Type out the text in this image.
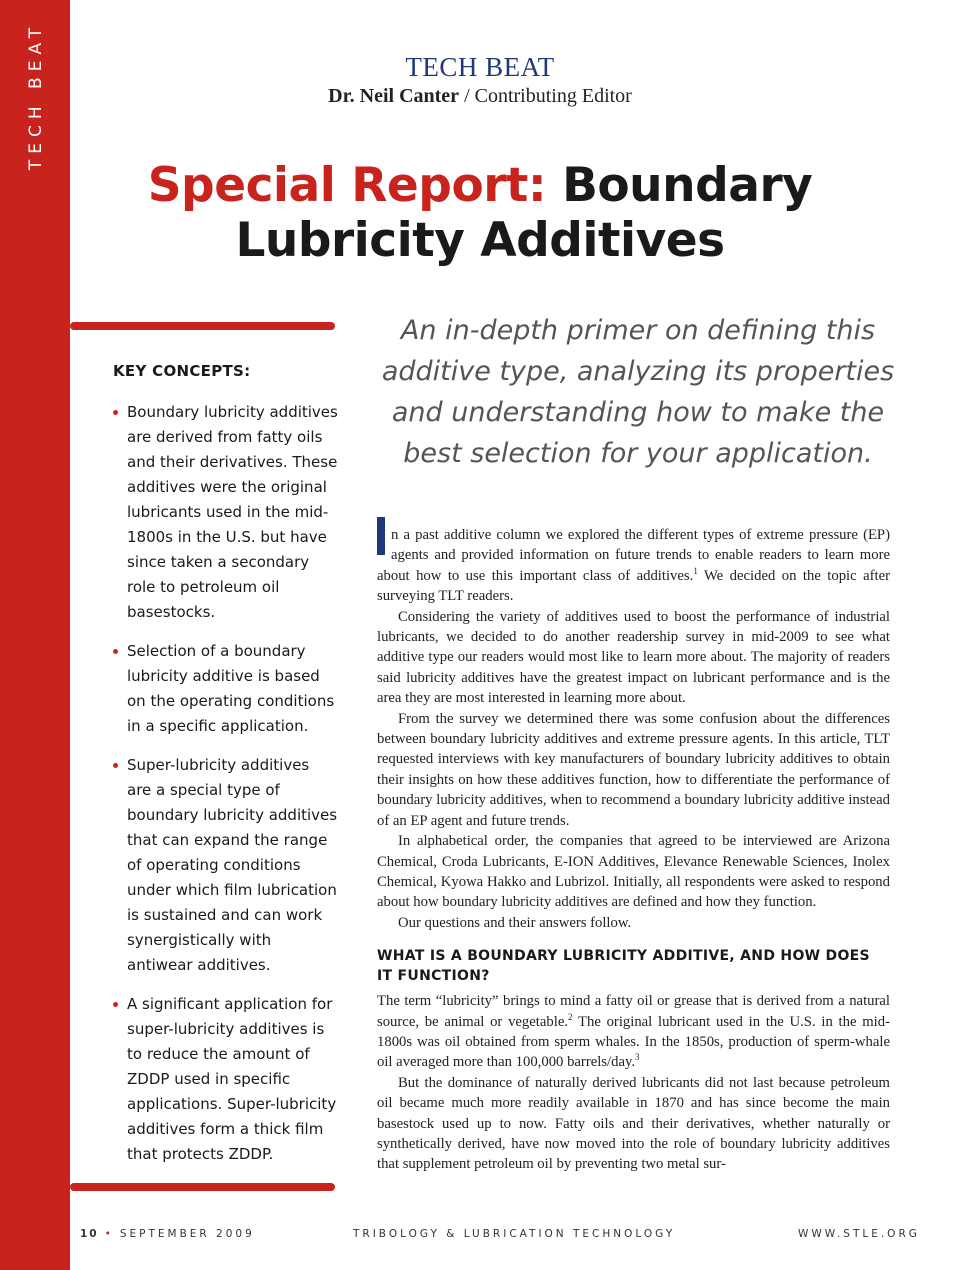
TECH BEAT	TECH BEAT
Dr. Neil Canter / Contributing Editor
Special Report: Boundary Lubricity Additives
KEY CONCEPTS:
Boundary lubricity additives are derived from fatty oils and their derivatives. These additives were the original lubricants used in the mid-1800s in the U.S. but have since taken a secondary role to petroleum oil basestocks.
Selection of a boundary lubricity additive is based on the operating conditions in a specific application.
Super-lubricity additives are a special type of boundary lubricity additives that can expand the range of operating conditions under which film lubrication is sustained and can work synergistically with antiwear additives.
A significant application for super-lubricity additives is to reduce the amount of ZDDP used in specific applications. Super-lubricity additives form a thick film that protects ZDDP.
An in-depth primer on defining this additive type, analyzing its properties and understanding how to make the best selection for your application.

n a past additive column we explored the different types of extreme pressure (EP) agents and provided information on future trends to enable readers to learn more about how to use this important class of additives.$^1$ We decided on the topic after surveying TLT readers.

Considering the variety of additives used to boost the performance of industrial lubricants, we decided to do another readership survey in mid-2009 to see what additive type our readers would most like to learn more about. The majority of readers said lubricity additives have the greatest impact on lubricant performance and is the area they are most interested in learning more about.

From the survey we determined there was some confusion about the differences between boundary lubricity additives and extreme pressure agents. In this article, TLT requested interviews with key manufacturers of boundary lubricity additives to obtain their insights on how these additives function, how to differentiate the performance of boundary lubricity additives, when to recommend a boundary lubricity additive instead of an EP agent and future trends.

In alphabetical order, the companies that agreed to be interviewed are Arizona Chemical, Croda Lubricants, E-ION Additives, Elevance Renewable Sciences, Inolex Chemical, Kyowa Hakko and Lubrizol. Initially, all respondents were asked to respond about how boundary lubricity additives are defined and how they function.

Our questions and their answers follow.

WHAT IS A BOUNDARY LUBRICITY ADDITIVE, AND HOW DOES IT FUNCTION?

The term “lubricity” brings to mind a fatty oil or grease that is derived from a natural source, be animal or vegetable.$^2$ The original lubricant used in the U.S. in the mid-1800s was oil obtained from sperm whales. In the 1850s, production of sperm-whale oil averaged more than 100,000 barrels/day.$^3$

But the dominance of naturally derived lubricants did not last because petroleum oil became much more readily available in 1870 and has since become the main basestock used up to now. Fatty oils and their derivatives, whether naturally or synthetically derived, have now moved into the role of boundary lubricity additives that supplement petroleum oil by preventing two metal sur-

10 • SEPTEMBER 2009	TRIBOLOGY & LUBRICATION TECHNOLOGY	WWW.STLE.ORG
